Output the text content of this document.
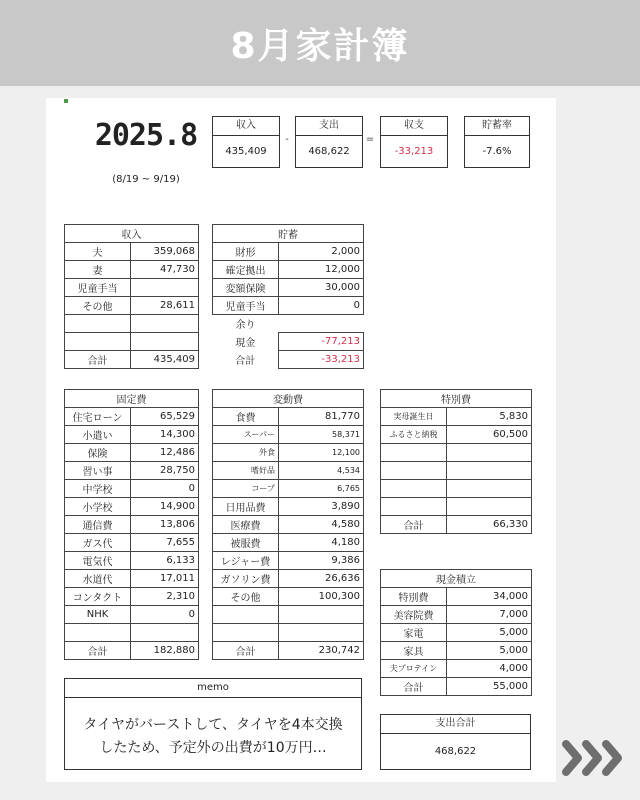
8月家計簿
2025.8
(8/19 ~ 9/19)
収入
435,409
-
支出
468,622
=
収支
-33,213
貯蓄率
-7.6%
収入	
夫	359,068
妻	47,730
児童手当	
その他	28,611

合計	435,409
貯蓄	
財形	2,000
確定拠出	12,000
変額保険	30,000
児童手当	0
余り	
現金	-77,213
合計	-33,213
固定費	
住宅ローン	65,529
小遣い	14,300
保険	12,486
習い事	28,750
中学校	0
小学校	14,900
通信費	13,806
ガス代	7,655
電気代	6,133
水道代	17,011
コンタクト	2,310
NHK	0

合計	182,880
変動費	
食費	81,770
スーパー	58,371
外食	12,100
嗜好品	4,534
コープ	6,765
日用品費	3,890
医療費	4,580
被服費	4,180
レジャー費	9,386
ガソリン費	26,636
その他	100,300

合計	230,742
特別費	
実母誕生日	5,830
ふるさと納税	60,500

合計	66,330
現金積立	
特別費	34,000
美容院費	7,000
家電	5,000
家具	5,000
夫プロテイン	4,000
合計	55,000
memo
タイヤがバーストして、タイヤを4本交換
したため、予定外の出費が10万円…
支出合計
468,622
